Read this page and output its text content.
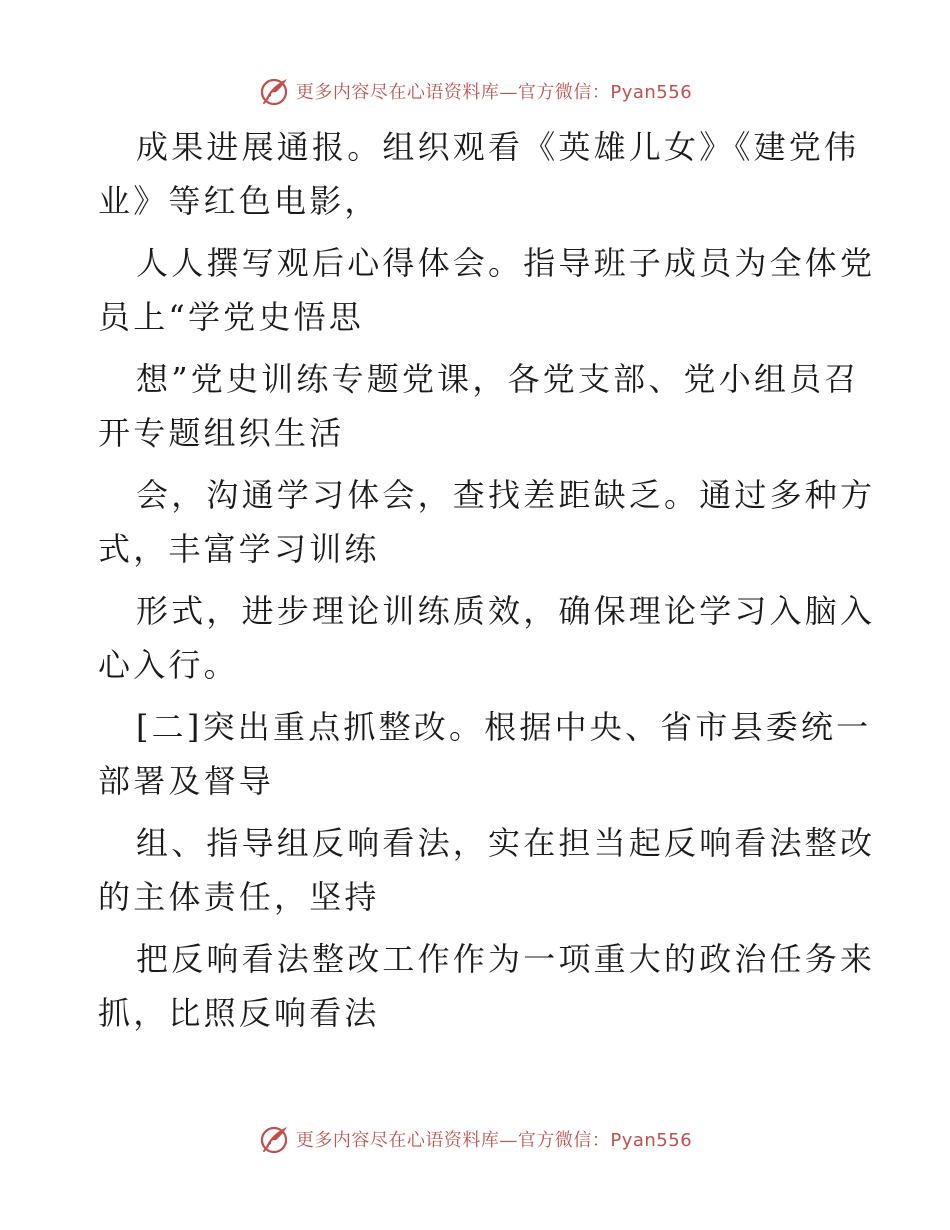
更多内容尽在心语资料库—官方微信：Pyan556
成果进展通报。组织观看《英雄儿女》《建党伟
业》等红色电影，
人人撰写观后心得体会。指导班子成员为全体党
员上“学党史悟思
想”党史训练专题党课，各党支部、党小组员召
开专题组织生活
会，沟通学习体会，查找差距缺乏。通过多种方
式，丰富学习训练
形式，进步理论训练质效，确保理论学习入脑入
心入行。
[二]突出重点抓整改。根据中央、省市县委统一
部署及督导
组、指导组反响看法，实在担当起反响看法整改
的主体责任，坚持
把反响看法整改工作作为一项重大的政治任务来
抓，比照反响看法
更多内容尽在心语资料库—官方微信：Pyan556
